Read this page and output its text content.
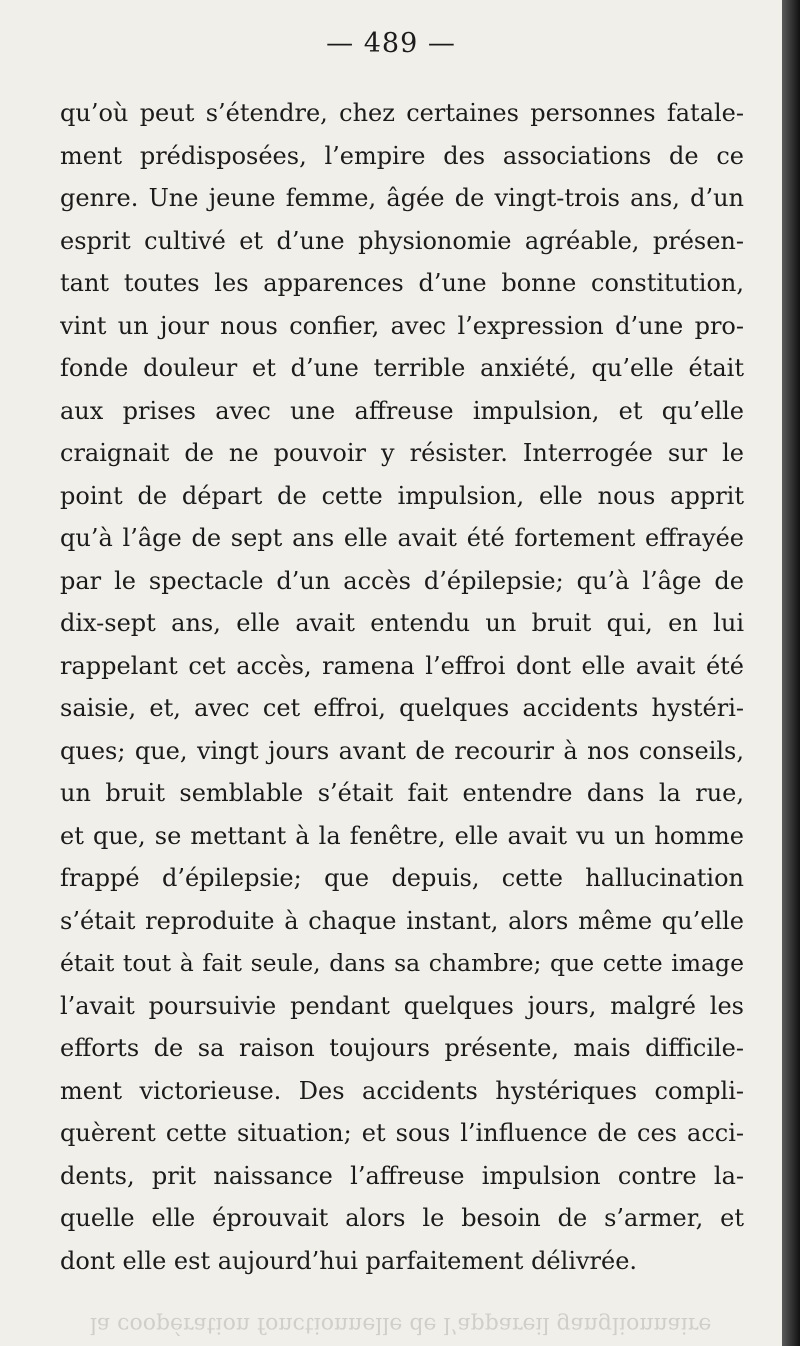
— 489 —
qu’où peut s’étendre, chez certaines personnes fatale-
ment prédisposées, l’empire des associations de ce
genre. Une jeune femme, âgée de vingt-trois ans, d’un
esprit cultivé et d’une physionomie agréable, présen-
tant toutes les apparences d’une bonne constitution,
vint un jour nous confier, avec l’expression d’une pro-
fonde douleur et d’une terrible anxiété, qu’elle était
aux prises avec une affreuse impulsion, et qu’elle
craignait de ne pouvoir y résister. Interrogée sur le
point de départ de cette impulsion, elle nous apprit
qu’à l’âge de sept ans elle avait été fortement effrayée
par le spectacle d’un accès d’épilepsie; qu’à l’âge de
dix-sept ans, elle avait entendu un bruit qui, en lui
rappelant cet accès, ramena l’effroi dont elle avait été
saisie, et, avec cet effroi, quelques accidents hystéri-
ques; que, vingt jours avant de recourir à nos conseils,
un bruit semblable s’était fait entendre dans la rue,
et que, se mettant à la fenêtre, elle avait vu un homme
frappé d’épilepsie; que depuis, cette hallucination
s’était reproduite à chaque instant, alors même qu’elle
était tout à fait seule, dans sa chambre; que cette image
l’avait poursuivie pendant quelques jours, malgré les
efforts de sa raison toujours présente, mais difficile-
ment victorieuse. Des accidents hystériques compli-
quèrent cette situation; et sous l’influence de ces acci-
dents, prit naissance l’affreuse impulsion contre la-
quelle elle éprouvait alors le besoin de s’armer, et
dont elle est aujourd’hui parfaitement délivrée.
la coopération fonctionnelle de l’appareil ganglionnaire
